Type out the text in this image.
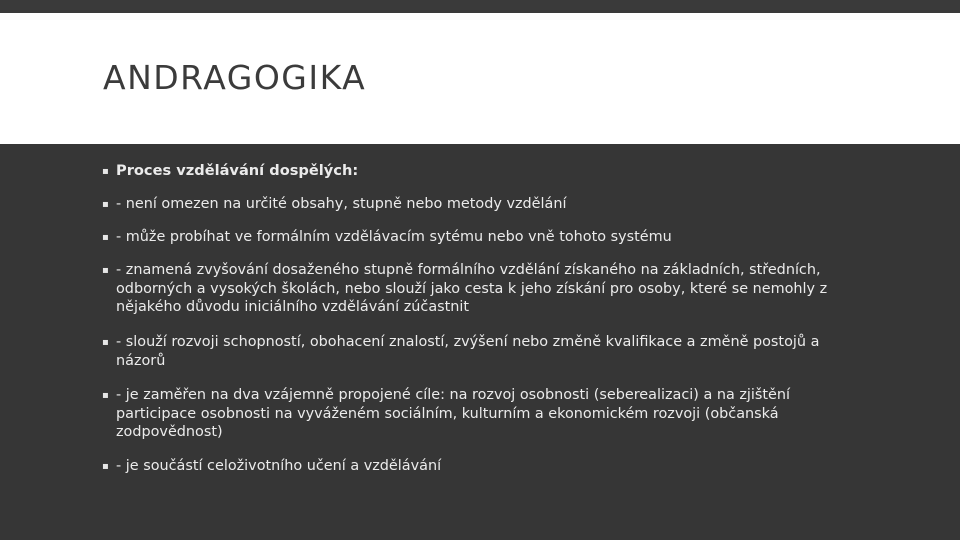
ANDRAGOGIKA
▪ Proces vzdělávání dospělých:
▪ - není omezen na určité obsahy, stupně nebo metody vzdělání
▪ - může probíhat ve formálním vzdělávacím sytému nebo vně tohoto systému
▪ - znamená zvyšování dosaženého stupně formálního vzdělání získaného na základních, středních, odborných a vysokých školách, nebo slouží jako cesta k jeho získání pro osoby, které se nemohly z nějakého důvodu iniciálního vzdělávání zúčastnit
▪ - slouží rozvoji schopností, obohacení znalostí, zvýšení nebo změně kvalifikace a změně postojů a názorů
▪ - je zaměřen na dva vzájemně propojené cíle: na rozvoj osobnosti (seberealizaci) a na zjištění participace osobnosti na vyváženém sociálním, kulturním a ekonomickém rozvoji (občanská zodpovědnost)
▪ - je součástí celoživotního učení a vzdělávání
